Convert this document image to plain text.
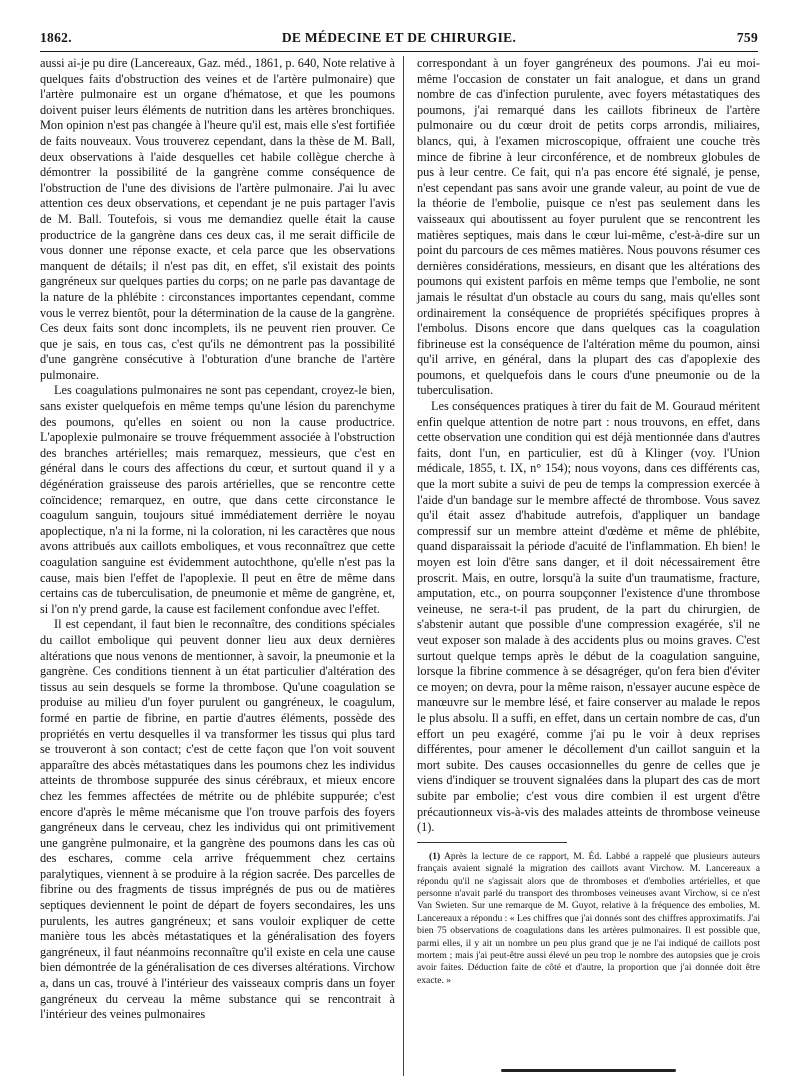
1862.	DE MÉDECINE ET DE CHIRURGIE.	759

aussi ai-je pu dire (Lancereaux, Gaz. méd., 1861, p. 640, Note relative à quelques faits d'obstruction des veines et de l'artère pulmonaire) que l'artère pulmonaire est un organe d'hématose, et que les poumons doivent puiser leurs éléments de nutrition dans les artères bronchiques. Mon opinion n'est pas changée à l'heure qu'il est, mais elle s'est fortifiée de faits nouveaux. Vous trouverez cependant, dans la thèse de M. Ball, deux observations à l'aide desquelles cet habile collègue cherche à démontrer la possibilité de la gangrène comme conséquence de l'obstruction de l'une des divisions de l'artère pulmonaire. J'ai lu avec attention ces deux observations, et cependant je ne puis partager l'avis de M. Ball. Toutefois, si vous me demandiez quelle était la cause productrice de la gangrène dans ces deux cas, il me serait difficile de vous donner une réponse exacte, et cela parce que les observations manquent de détails; il n'est pas dit, en effet, s'il existait des points gangréneux sur quelques parties du corps; on ne parle pas davantage de la nature de la phlébite : circonstances importantes cependant, comme vous le verrez bientôt, pour la détermination de la cause de la gangrène. Ces deux faits sont donc incomplets, ils ne peuvent rien prouver. Ce que je sais, en tous cas, c'est qu'ils ne démontrent pas la possibilité d'une gangrène consécutive à l'obturation d'une branche de l'artère pulmonaire.

Les coagulations pulmonaires ne sont pas cependant, croyez-le bien, sans exister quelquefois en même temps qu'une lésion du parenchyme des poumons, qu'elles en soient ou non la cause productrice. L'apoplexie pulmonaire se trouve fréquemment associée à l'obstruction des branches artérielles; mais remarquez, messieurs, que c'est en général dans le cours des affections du cœur, et surtout quand il y a dégénération graisseuse des parois artérielles, que se rencontre cette coïncidence; remarquez, en outre, que dans cette circonstance le coagulum sanguin, toujours situé immédiatement derrière le noyau apoplectique, n'a ni la forme, ni la coloration, ni les caractères que nous avons attribués aux caillots emboliques, et vous reconnaîtrez que cette coagulation sanguine est évidemment autochthone, qu'elle n'est pas la cause, mais bien l'effet de l'apoplexie. Il peut en être de même dans certains cas de tuberculisation, de pneumonie et même de gangrène, et, si l'on n'y prend garde, la cause est facilement confondue avec l'effet.

Il est cependant, il faut bien le reconnaître, des conditions spéciales du caillot embolique qui peuvent donner lieu aux deux dernières altérations que nous venons de mentionner, à savoir, la pneumonie et la gangrène. Ces conditions tiennent à un état particulier d'altération des tissus au sein desquels se forme la thrombose. Qu'une coagulation se produise au milieu d'un foyer purulent ou gangréneux, le coagulum, formé en partie de fibrine, en partie d'autres éléments, possède des propriétés en vertu desquelles il va transformer les tissus qui plus tard se trouveront à son contact; c'est de cette façon que l'on voit souvent apparaître des abcès métastatiques dans les poumons chez les individus atteints de thrombose suppurée des sinus cérébraux, et mieux encore chez les femmes affectées de métrite ou de phlébite suppurée; c'est encore d'après le même mécanisme que l'on trouve parfois des foyers gangréneux dans le cerveau, chez les individus qui ont primitivement une gangrène pulmonaire, et la gangrène des poumons dans les cas où des eschares, comme cela arrive fréquemment chez certains paralytiques, viennent à se produire à la région sacrée. Des parcelles de fibrine ou des fragments de tissus imprégnés de pus ou de matières septiques deviennent le point de départ de foyers secondaires, les uns purulents, les autres gangréneux; et sans vouloir expliquer de cette manière tous les abcès métastatiques et la généralisation des foyers gangréneux, il faut néanmoins reconnaître qu'il existe en cela une cause bien démontrée de la généralisation de ces diverses altérations. Virchow a, dans un cas, trouvé à l'intérieur des vaisseaux compris dans un foyer gangréneux du cerveau la même substance qui se rencontrait à l'intérieur des veines pulmonaires

correspondant à un foyer gangréneux des poumons. J'ai eu moi-même l'occasion de constater un fait analogue, et dans un grand nombre de cas d'infection purulente, avec foyers métastatiques des poumons, j'ai remarqué dans les caillots fibrineux de l'artère pulmonaire ou du cœur droit de petits corps arrondis, miliaires, blancs, qui, à l'examen microscopique, offraient une couche très mince de fibrine à leur circonférence, et de nombreux globules de pus à leur centre. Ce fait, qui n'a pas encore été signalé, je pense, n'est cependant pas sans avoir une grande valeur, au point de vue de la théorie de l'embolie, puisque ce n'est pas seulement dans les vaisseaux qui aboutissent au foyer purulent que se rencontrent les matières septiques, mais dans le cœur lui-même, c'est-à-dire sur un point du parcours de ces mêmes matières. Nous pouvons résumer ces dernières considérations, messieurs, en disant que les altérations des poumons qui existent parfois en même temps que l'embolie, ne sont jamais le résultat d'un obstacle au cours du sang, mais qu'elles sont ordinairement la conséquence de propriétés spécifiques propres à l'embolus. Disons encore que dans quelques cas la coagulation fibrineuse est la conséquence de l'altération même du poumon, ainsi qu'il arrive, en général, dans la plupart des cas d'apoplexie des poumons, et quelquefois dans le cours d'une pneumonie ou de la tuberculisation.

Les conséquences pratiques à tirer du fait de M. Gouraud méritent enfin quelque attention de notre part : nous trouvons, en effet, dans cette observation une condition qui est déjà mentionnée dans d'autres faits, dont l'un, en particulier, est dû à Klinger (voy. l'Union médicale, 1855, t. IX, n° 154); nous voyons, dans ces différents cas, que la mort subite a suivi de peu de temps la compression exercée à l'aide d'un bandage sur le membre affecté de thrombose. Vous savez qu'il était assez d'habitude autrefois, d'appliquer un bandage compressif sur un membre atteint d'œdème et même de phlébite, quand disparaissait la période d'acuité de l'inflammation. Eh bien! le moyen est loin d'être sans danger, et il doit nécessairement être proscrit. Mais, en outre, lorsqu'à la suite d'un traumatisme, fracture, amputation, etc., on pourra soupçonner l'existence d'une thrombose veineuse, ne sera-t-il pas prudent, de la part du chirurgien, de s'abstenir autant que possible d'une compression exagérée, s'il ne veut exposer son malade à des accidents plus ou moins graves. C'est surtout quelque temps après le début de la coagulation sanguine, lorsque la fibrine commence à se désagréger, qu'on fera bien d'éviter ce moyen; on devra, pour la même raison, n'essayer aucune espèce de manœuvre sur le membre lésé, et faire conserver au malade le repos le plus absolu. Il a suffi, en effet, dans un certain nombre de cas, d'un effort un peu exagéré, comme j'ai pu le voir à deux reprises différentes, pour amener le décollement d'un caillot sanguin et la mort subite. Des causes occasionnelles du genre de celles que je viens d'indiquer se trouvent signalées dans la plupart des cas de mort subite par embolie; c'est vous dire combien il est urgent d'être précautionneux vis-à-vis des malades atteints de thrombose veineuse (1).

(1) Après la lecture de ce rapport, M. Éd. Labbé a rappelé que plusieurs auteurs français avaient signalé la migration des caillots avant Virchow. M. Lancereaux a répondu qu'il ne s'agissait alors que de thromboses et d'embolies artérielles, et que personne n'avait parlé du transport des thromboses veineuses avant Virchow, si ce n'est Van Swieten. Sur une remarque de M. Guyot, relative à la fréquence des embolies, M. Lancereaux a répondu : « Les chiffres que j'ai donnés sont des chiffres approximatifs. J'ai bien 75 observations de coagulations dans les artères pulmonaires. Il est possible que, parmi elles, il y ait un nombre un peu plus grand que je ne l'ai indiqué de caillots post mortem ; mais j'ai peut-être aussi élevé un peu trop le nombre des autopsies que je crois avoir faites. Déduction faite de côté et d'autre, la proportion que j'ai donnée doit être exacte. »
